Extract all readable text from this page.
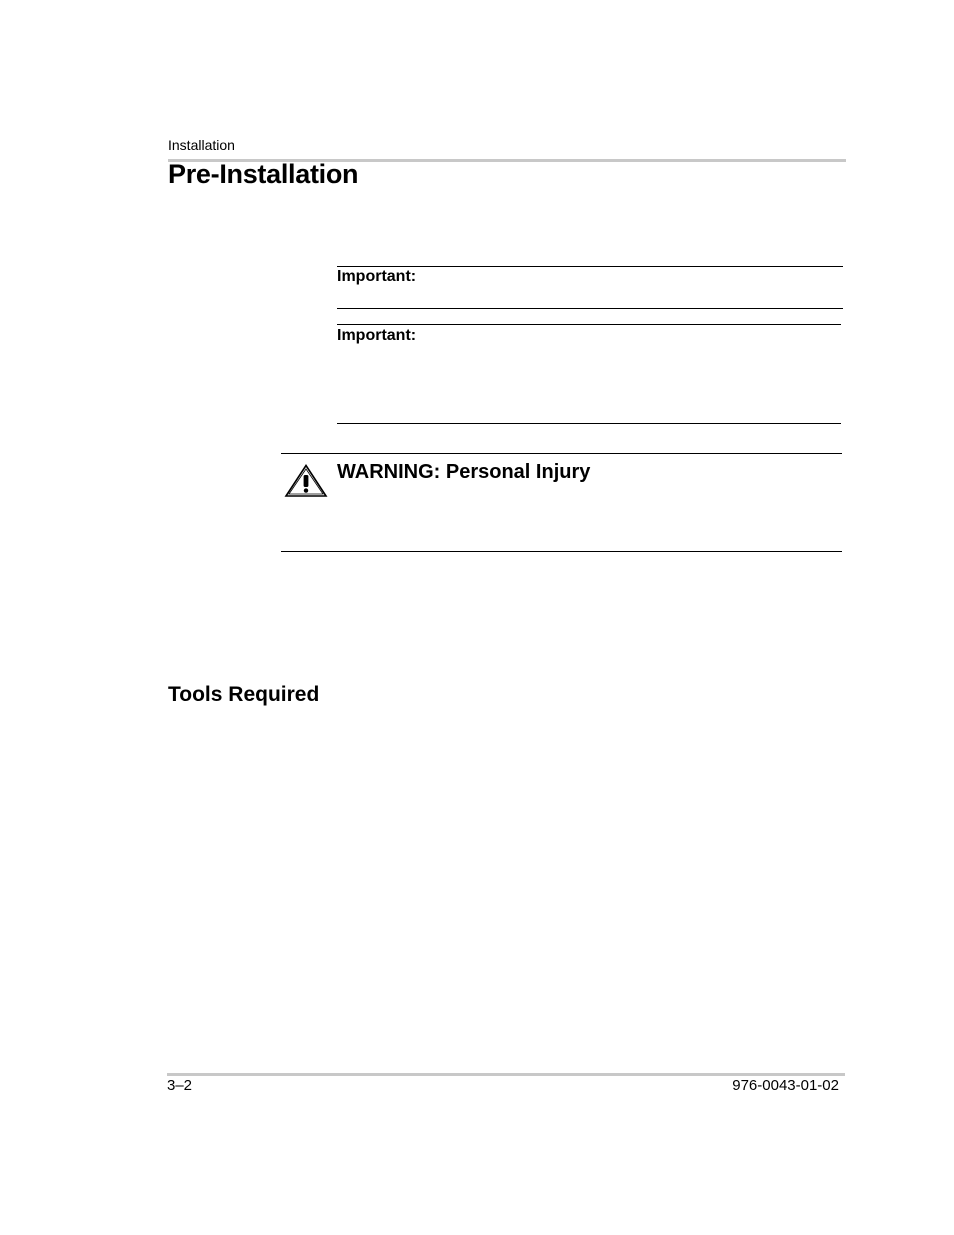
Installation
Pre-Installation
Important:
Important:
WARNING: Personal Injury
Tools Required
3–2	976-0043-01-02
